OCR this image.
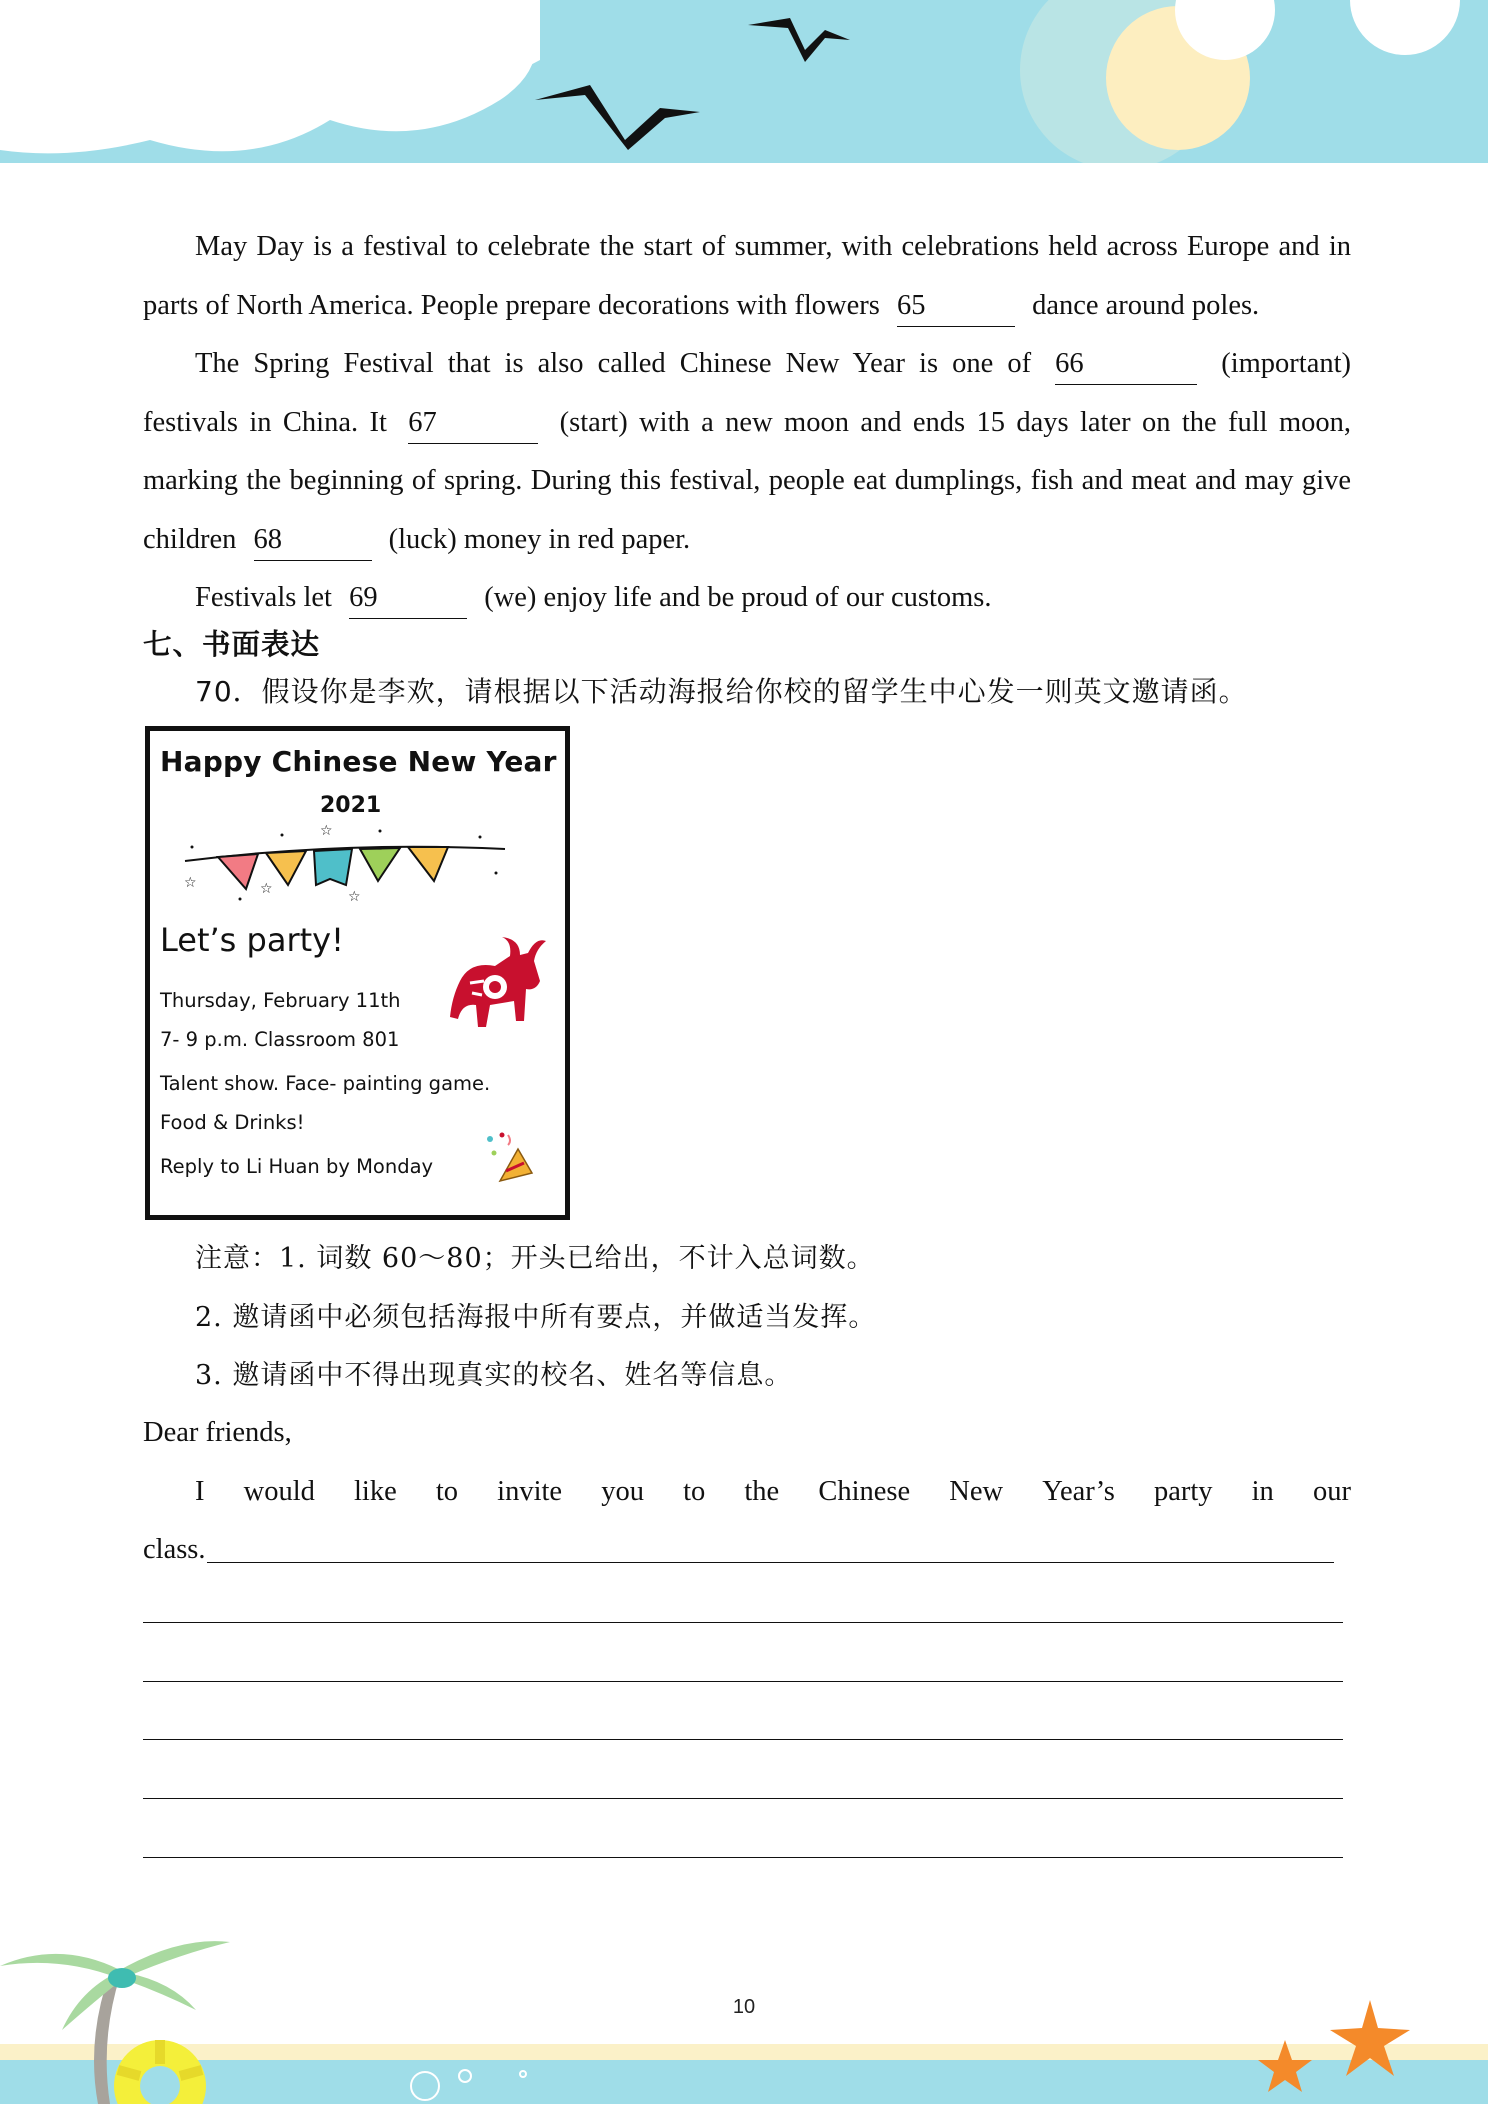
May Day is a festival to celebrate the start of summer, with celebrations held across Europe and in parts of North America. People prepare decorations with flowers 65	dance around poles.

The Spring Festival that is also called Chinese New Year is one of 66	(important) festivals in China. It 67	(start) with a new moon and ends 15 days later on the full moon, marking the beginning of spring. During this festival, people eat dumplings, fish and meat and may give children 68	(luck) money in red paper.

Festivals let 69	(we) enjoy life and be proud of our customs.

七、书面表达
70．假设你是李欢，请根据以下活动海报给你校的留学生中心发一则英文邀请函。
Happy Chinese New Year
2021
☆	☆
☆
☆
Let’s party!
Thursday, February 11th
7- 9 p.m. Classroom 801
Talent show. Face- painting game.
Food & Drinks!
Reply to Li Huan by Monday
注意：1. 词数 60～80；开头已给出，不计入总词数。
2. 邀请函中必须包括海报中所有要点，并做适当发挥。
3. 邀请函中不得出现真实的校名、姓名等信息。
Dear friends,
I would like to invite you to the Chinese New Year’s party in our
class.
10
